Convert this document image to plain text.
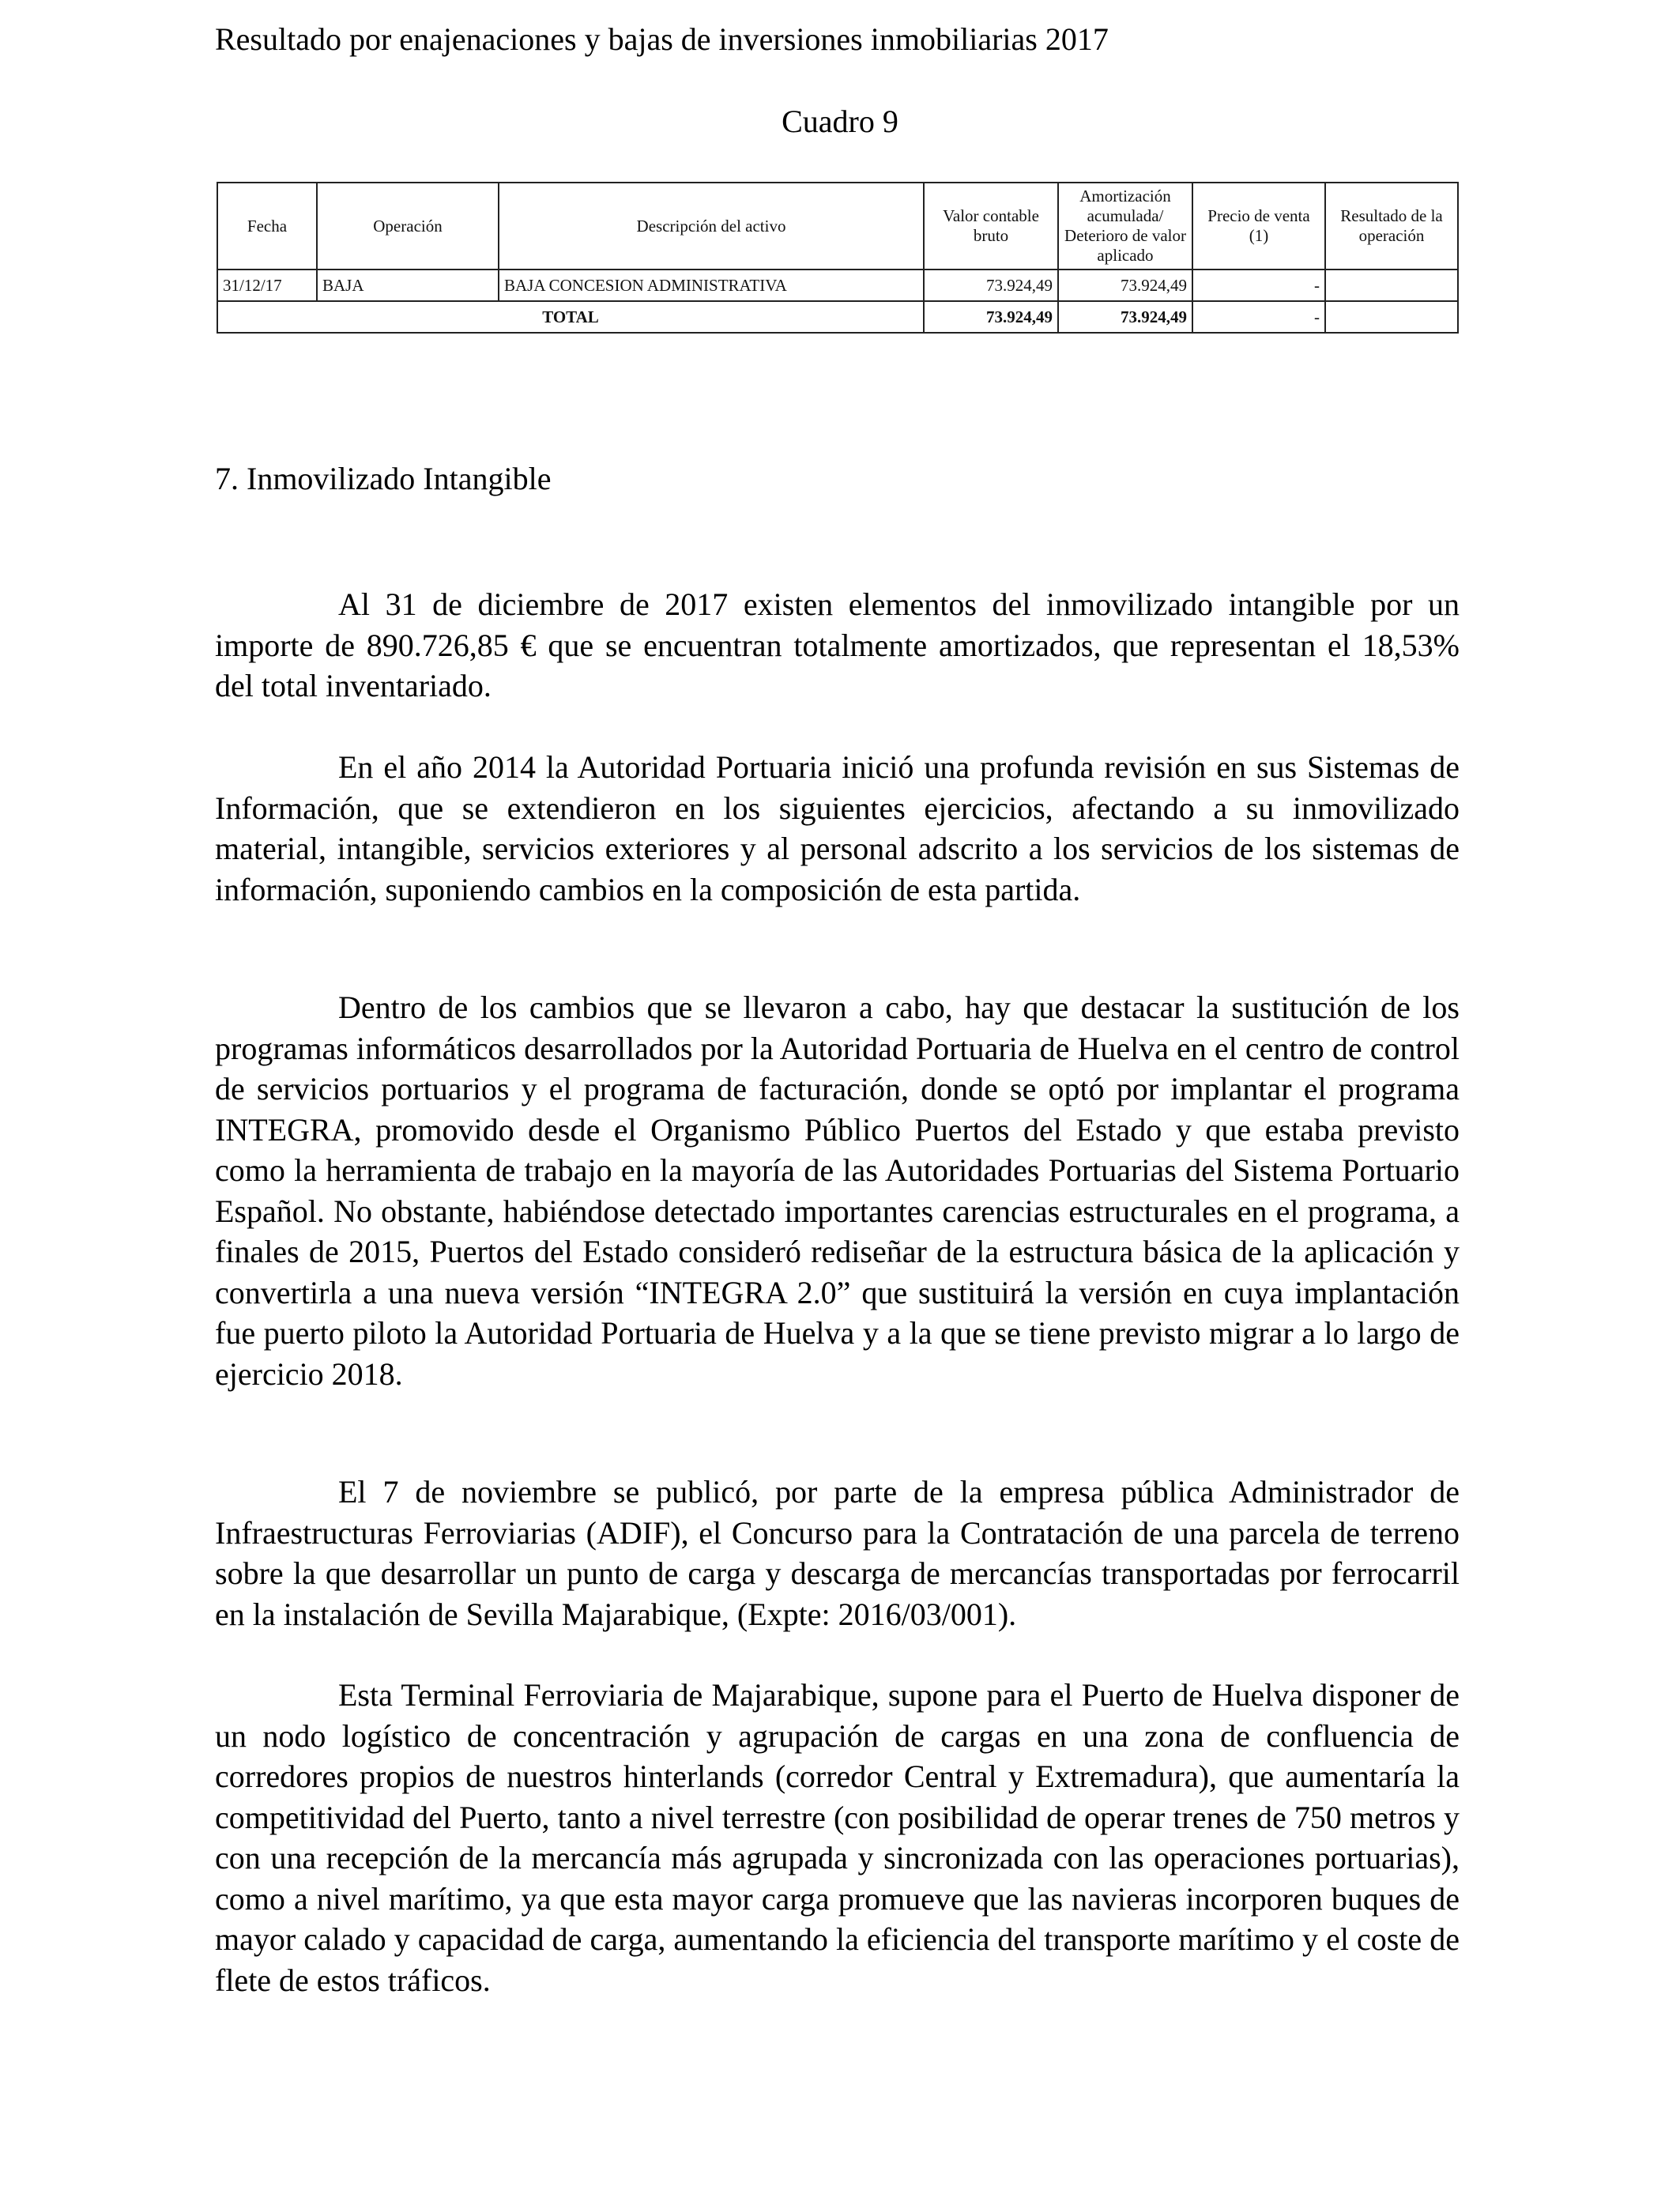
Resultado por enajenaciones y bajas de inversiones inmobiliarias 2017
Cuadro 9
Fecha	Operación	Descripción del activo	Valor contable bruto	Amortización acumulada/ Deterioro de valor aplicado	Precio de venta (1)	Resultado de la operación
31/12/17	BAJA	BAJA CONCESION ADMINISTRATIVA	73.924,49	73.924,49	-	
TOTAL			73.924,49	73.924,49	-	
7. Inmovilizado Intangible

Al 31 de diciembre de 2017 existen elementos del inmovilizado intangible por un importe de 890.726,85 € que se encuentran totalmente amortizados, que representan el 18,53% del total inventariado.

En el año 2014 la Autoridad Portuaria inició una profunda revisión en sus Sistemas de Información, que se extendieron en los siguientes ejercicios, afectando a su inmovilizado material, intangible, servicios exteriores y al personal adscrito a los servicios de los sistemas de información, suponiendo cambios en la composición de esta partida.

Dentro de los cambios que se llevaron a cabo, hay que destacar la sustitución de los programas informáticos desarrollados por la Autoridad Portuaria de Huelva en el centro de control de servicios portuarios y el programa de facturación, donde se optó por implantar el programa INTEGRA, promovido desde el Organismo Público Puertos del Estado y que estaba previsto como la herramienta de trabajo en la mayoría de las Autoridades Portuarias del Sistema Portuario Español. No obstante, habiéndose detectado importantes carencias estructurales en el programa, a finales de 2015, Puertos del Estado consideró rediseñar de la estructura básica de la aplicación y convertirla a una nueva versión “INTEGRA 2.0” que sustituirá la versión en cuya implantación fue puerto piloto la Autoridad Portuaria de Huelva y a la que se tiene previsto migrar a lo largo de ejercicio 2018.

El 7 de noviembre se publicó, por parte de la empresa pública Administrador de Infraestructuras Ferroviarias (ADIF), el Concurso para la Contratación de una parcela de terreno sobre la que desarrollar un punto de carga y descarga de mercancías transportadas por ferrocarril en la instalación de Sevilla Majarabique, (Expte: 2016/03/001).

Esta Terminal Ferroviaria de Majarabique, supone para el Puerto de Huelva disponer de un nodo logístico de concentración y agrupación de cargas en una zona de confluencia de corredores propios de nuestros hinterlands (corredor Central y Extremadura), que aumentaría la competitividad del Puerto, tanto a nivel terrestre (con posibilidad de operar trenes de 750 metros y con una recepción de la mercancía más agrupada y sincronizada con las operaciones portuarias), como a nivel marítimo, ya que esta mayor carga promueve que las navieras incorporen buques de mayor calado y capacidad de carga, aumentando la eficiencia del transporte marítimo y el coste de flete de estos tráficos.
